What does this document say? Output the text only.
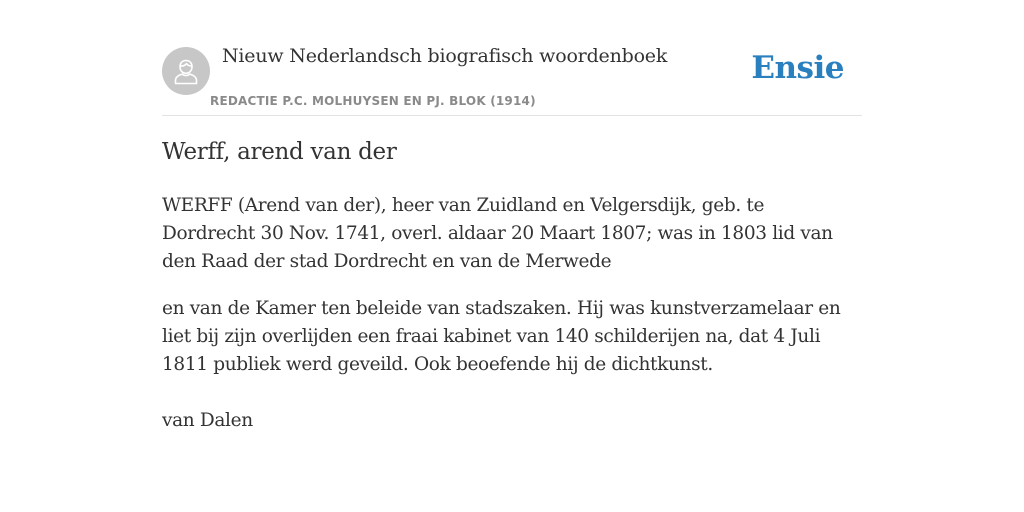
Nieuw Nederlandsch biografisch woordenboek
REDACTIE P.C. MOLHUYSEN EN PJ. BLOK (1914)
Ensie
Werff, arend van der

WERFF (Arend van der), heer van Zuidland en Velgersdijk, geb. te Dordrecht 30 Nov. 1741, overl. aldaar 20 Maart 1807; was in 1803 lid van den Raad der stad Dordrecht en van de Merwede

en van de Kamer ten beleide van stadszaken. Hij was kunstverzamelaar en liet bij zijn overlijden een fraai kabinet van 140 schilderijen na, dat 4 Juli 1811 publiek werd geveild. Ook beoefende hij de dichtkunst.

van Dalen
